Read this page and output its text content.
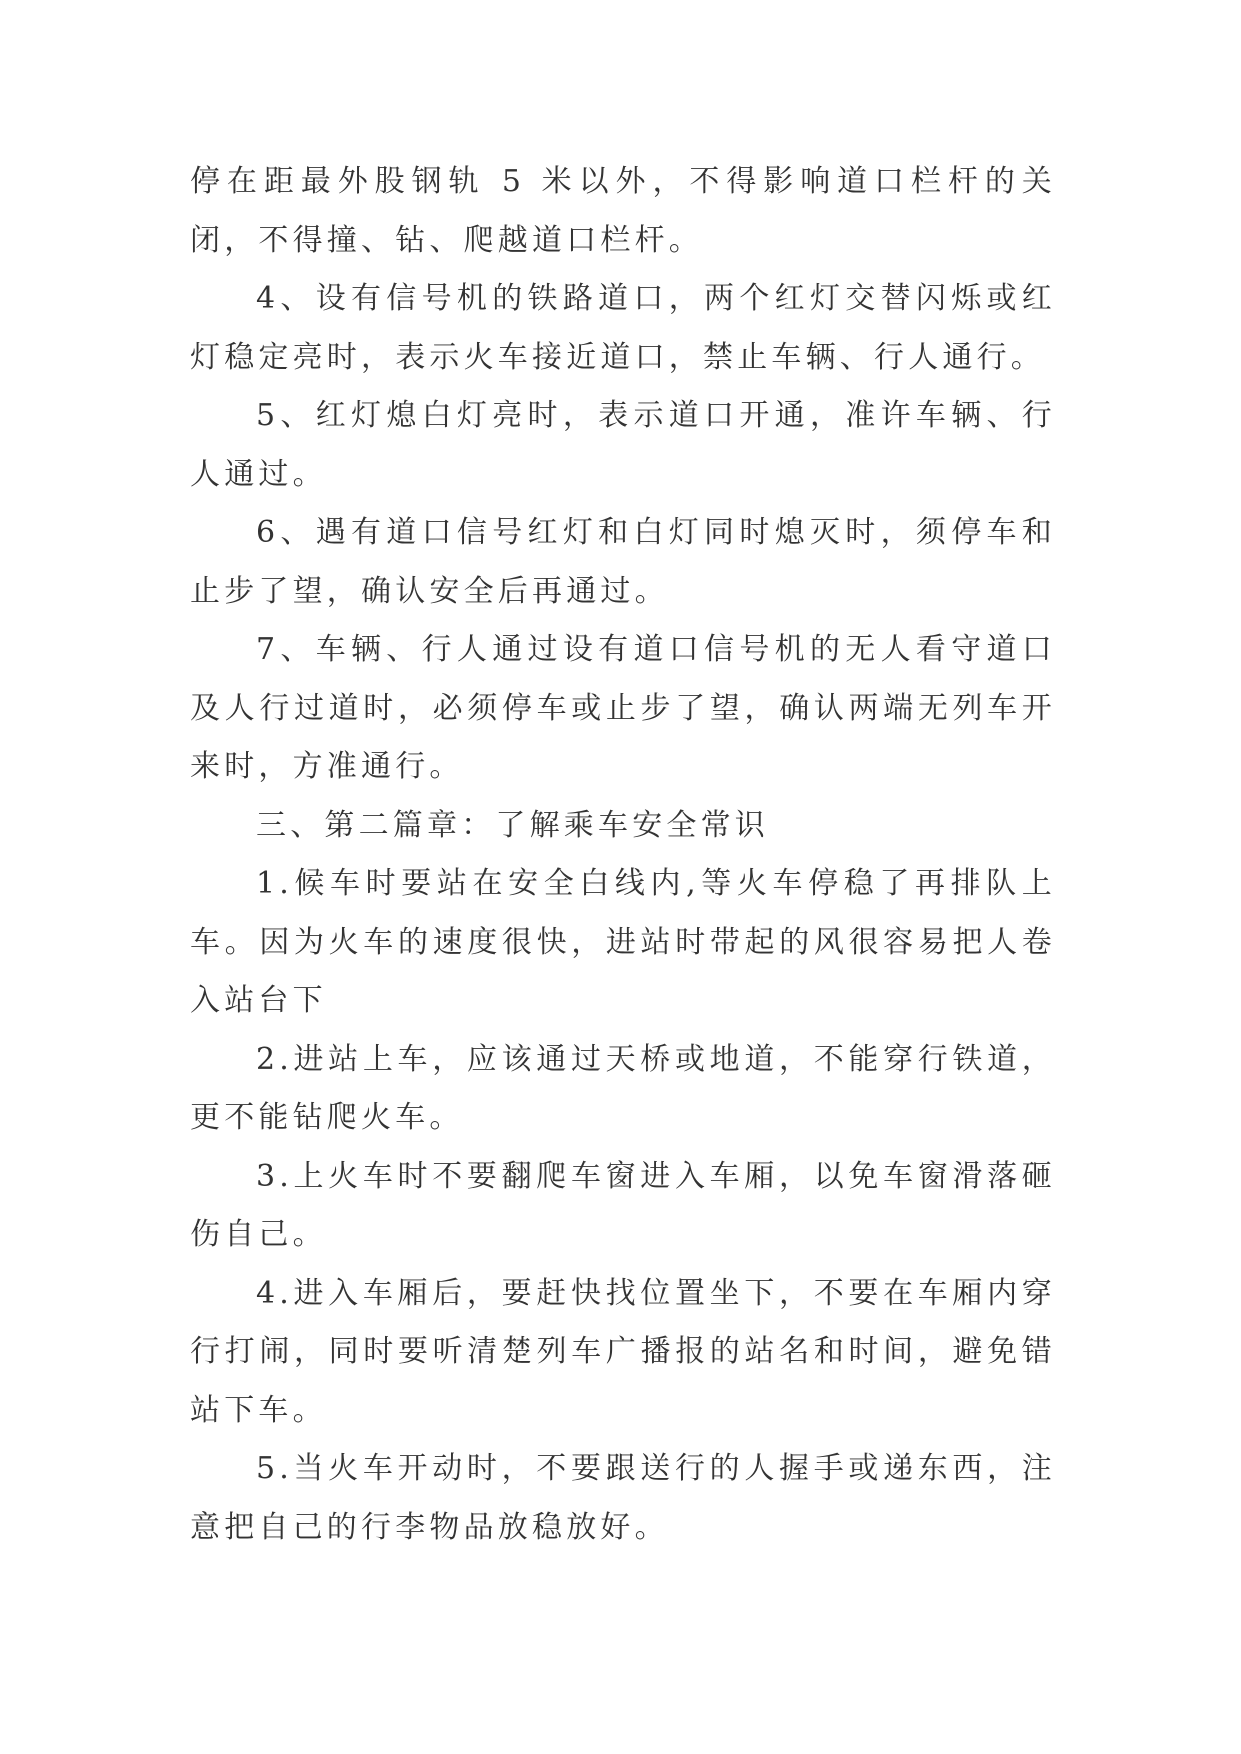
停在距最外股钢轨 5 米以外，不得影响道口栏杆的关闭，不得撞、钻、爬越道口栏杆。

4、设有信号机的铁路道口，两个红灯交替闪烁或红灯稳定亮时，表示火车接近道口，禁止车辆、行人通行。

5、红灯熄白灯亮时，表示道口开通，准许车辆、行人通过。

6、遇有道口信号红灯和白灯同时熄灭时，须停车和止步了望，确认安全后再通过。

7、车辆、行人通过设有道口信号机的无人看守道口及人行过道时，必须停车或止步了望，确认两端无列车开来时，方准通行。

三、第二篇章：了解乘车安全常识

1.候车时要站在安全白线内,等火车停稳了再排队上车。因为火车的速度很快，进站时带起的风很容易把人卷入站台下

2.进站上车，应该通过天桥或地道，不能穿行铁道，更不能钻爬火车。

3.上火车时不要翻爬车窗进入车厢，以免车窗滑落砸伤自己。

4.进入车厢后，要赶快找位置坐下，不要在车厢内穿行打闹，同时要听清楚列车广播报的站名和时间，避免错站下车。

5.当火车开动时，不要跟送行的人握手或递东西，注意把自己的行李物品放稳放好。
